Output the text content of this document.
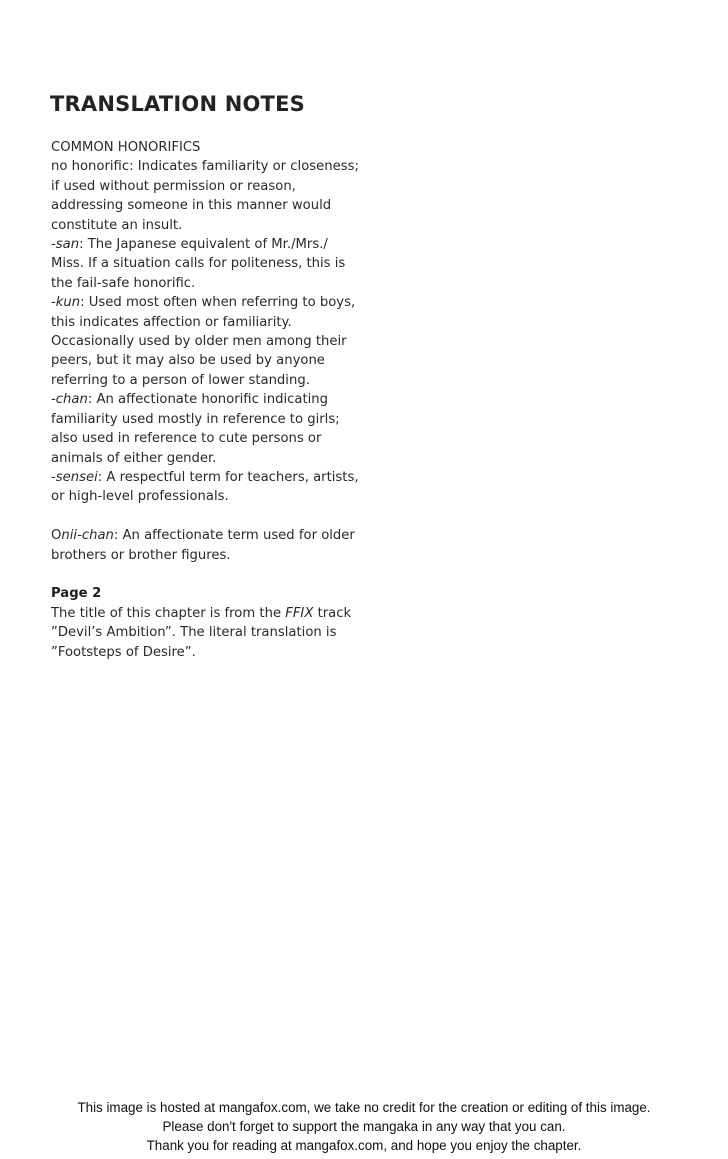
TRANSLATION NOTES

COMMON HONORIFICS

no honorific: Indicates familiarity or closeness; if used without permission or reason, addressing someone in this manner would constitute an insult.

-san: The Japanese equivalent of Mr./Mrs./ Miss. If a situation calls for politeness, this is the fail-safe honorific.

-kun: Used most often when referring to boys, this indicates affection or familiarity. Occasionally used by older men among their peers, but it may also be used by anyone referring to a person of lower standing.

-chan: An affectionate honorific indicating familiarity used mostly in reference to girls; also used in reference to cute persons or animals of either gender.

-sensei: A respectful term for teachers, artists, or high-level professionals.

Onii-chan: An affectionate term used for older brothers or brother figures.

Page 2

The title of this chapter is from the FFIX track ”Devil’s Ambition”. The literal translation is ”Footsteps of Desire”.

This image is hosted at mangafox.com, we take no credit for the creation or editing of this image.

Please don't forget to support the mangaka in any way that you can.

Thank you for reading at mangafox.com, and hope you enjoy the chapter.
